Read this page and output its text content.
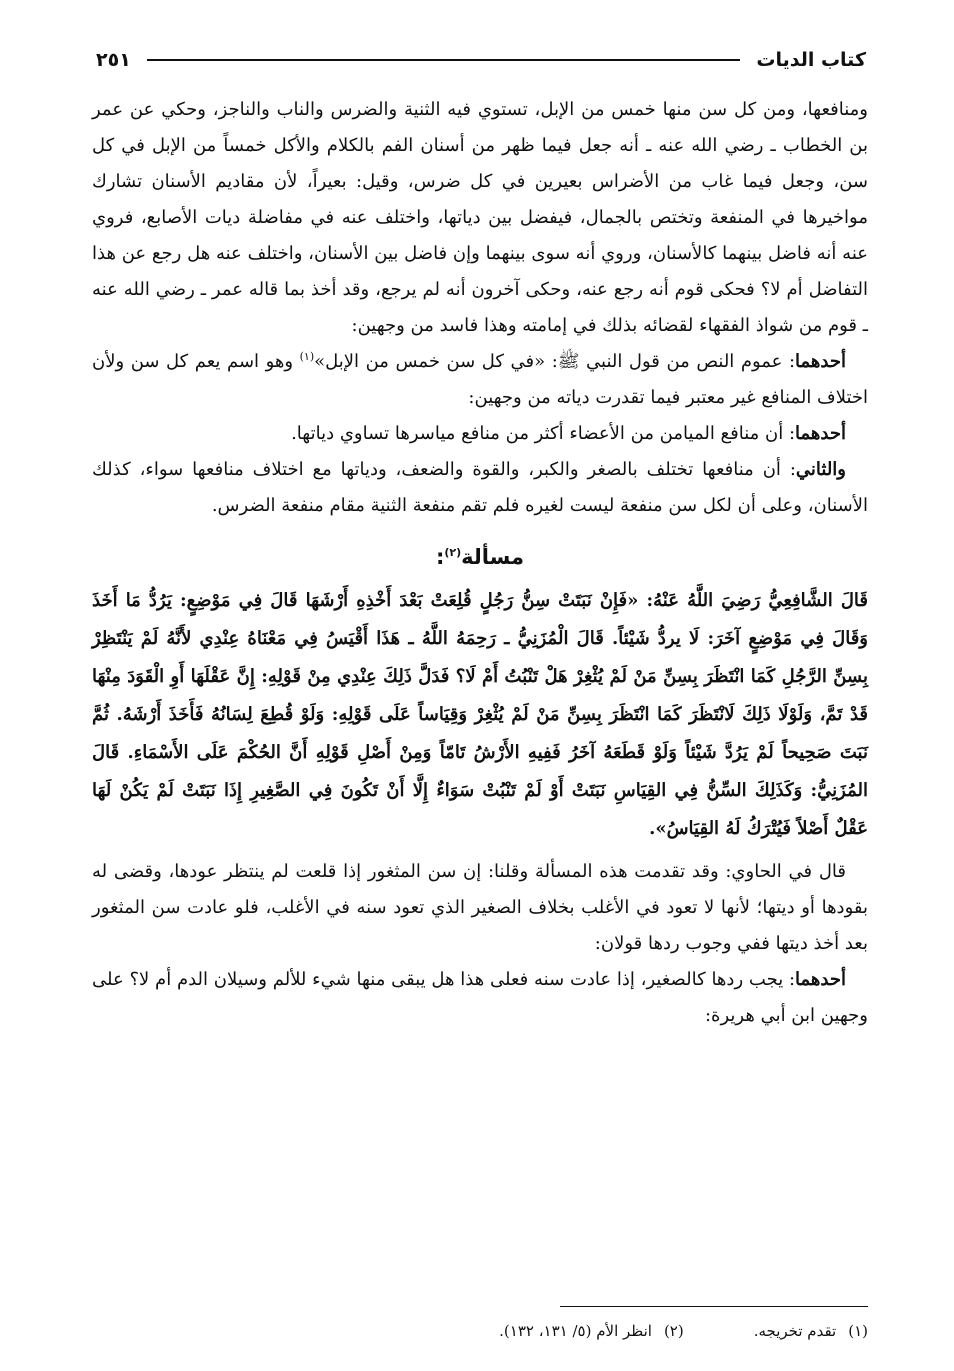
كتاب الديات
٢٥١

ومنافعها، ومن كل سن منها خمس من الإبل، تستوي فيه الثنية والضرس والناب والناجز، وحكي عن عمر بن الخطاب ـ رضي الله عنه ـ أنه جعل فيما ظهر من أسنان الفم بالكلام والأكل خمساً من الإبل في كل سن، وجعل فيما غاب من الأضراس بعيرين في كل ضرس، وقيل: بعيراً، لأن مقاديم الأسنان تشارك مواخيرها في المنفعة وتختص بالجمال، فيفضل بين دياتها، واختلف عنه في مفاضلة ديات الأصابع، فروي عنه أنه فاضل بينهما كالأسنان، وروي أنه سوى بينهما وإن فاضل بين الأسنان، واختلف عنه هل رجع عن هذا التفاضل أم لا؟ فحكى قوم أنه رجع عنه، وحكى آخرون أنه لم يرجع، وقد أخذ بما قاله عمر ـ رضي الله عنه ـ قوم من شواذ الفقهاء لقضائه بذلك في إمامته وهذا فاسد من وجهين:

أحدهما: عموم النص من قول النبي ﷺ: «في كل سن خمس من الإبل»$^{(١)}$ وهو اسم يعم كل سن ولأن اختلاف المنافع غير معتبر فيما تقدرت دياته من وجهين:

أحدهما: أن منافع الميامن من الأعضاء أكثر من منافع مياسرها تساوي دياتها.

والثاني: أن منافعها تختلف بالصغر والكبر، والقوة والضعف، ودياتها مع اختلاف منافعها سواء، كذلك الأسنان، وعلى أن لكل سن منفعة ليست لغيره فلم تقم منفعة الثنية مقام منفعة الضرس.

مسألة$^{(٢)}$:

قَالَ الشَّافِعِيُّ رَضِيَ اللَّهُ عَنْهُ: «فَإِنْ نَبَتَتْ سِنُّ رَجُلٍ قُلِعَتْ بَعْدَ أَخْذِهِ أَرْشَهَا قَالَ فِي مَوْضِعٍ: يَرُدُّ مَا أَخَذَ وَقَالَ فِي مَوْضِعٍ آخَرَ: لَا يردُّ شَيْئاً. قَالَ الْمُزَنِيُّ ـ رَحِمَهُ اللَّهُ ـ هَذَا أَقْيَسُ فِي مَعْنَاهُ عِنْدِي لأَنَّهُ لَمْ يَنْتَظِرْ بِسِنِّ الرَّجُلِ كَمَا انْتَظَرَ بِسِنِّ مَنْ لَمْ يُثْغِرْ هَلْ تَنْبُتُ أَمْ لَا؟ فَدَلَّ ذَلِكَ عِنْدِي مِنْ قَوْلِهِ: إِنَّ عَقْلَهَا أَوِ الْقَوَدَ مِنْهَا قَدْ تَمَّ، وَلَوْلَا ذَلِكَ لَانْتَظَرَ كَمَا انْتَظَرَ بِسِنِّ مَنْ لَمْ يُثْغِرْ وَقِيَاساً عَلَى قَوْلِهِ: وَلَوْ قُطِعَ لِسَانُهُ فَأَخَذَ أَرْشَهُ. ثُمَّ نَبَتَ صَحِيحاً لَمْ يَرُدَّ شَيْئاً وَلَوْ قَطَعَهُ آخَرُ فَفِيهِ الأَرْشُ تَامّاً وَمِنْ أَصْلِ قَوْلِهِ أَنَّ الحُكْمَ عَلَى الأَسْمَاءِ. قَالَ المُزَنِيُّ: وَكَذَلِكَ السِّنُّ فِي القِيَاسِ نَبَتَتْ أَوْ لَمْ تَنْبُتْ سَوَاءٌ إِلَّا أَنْ تَكُونَ فِي الصَّغِيرِ إِذَا نَبَتَتْ لَمْ يَكُنْ لَهَا عَقْلٌ أَصْلاً فَيُتْرَكُ لَهُ القِيَاسُ».

قال في الحاوي: وقد تقدمت هذه المسألة وقلنا: إن سن المثغور إذا قلعت لم ينتظر عودها، وقضى له بقودها أو ديتها؛ لأنها لا تعود في الأغلب بخلاف الصغير الذي تعود سنه في الأغلب، فلو عادت سن المثغور بعد أخذ ديتها ففي وجوب ردها قولان:

أحدهما: يجب ردها كالصغير، إذا عادت سنه فعلى هذا هل يبقى منها شيء للألم وسيلان الدم أم لا؟ على وجهين ابن أبي هريرة:

(١)تقدم تخريجه.
(٢)انظر الأم (٥/ ١٣١، ١٣٢).
